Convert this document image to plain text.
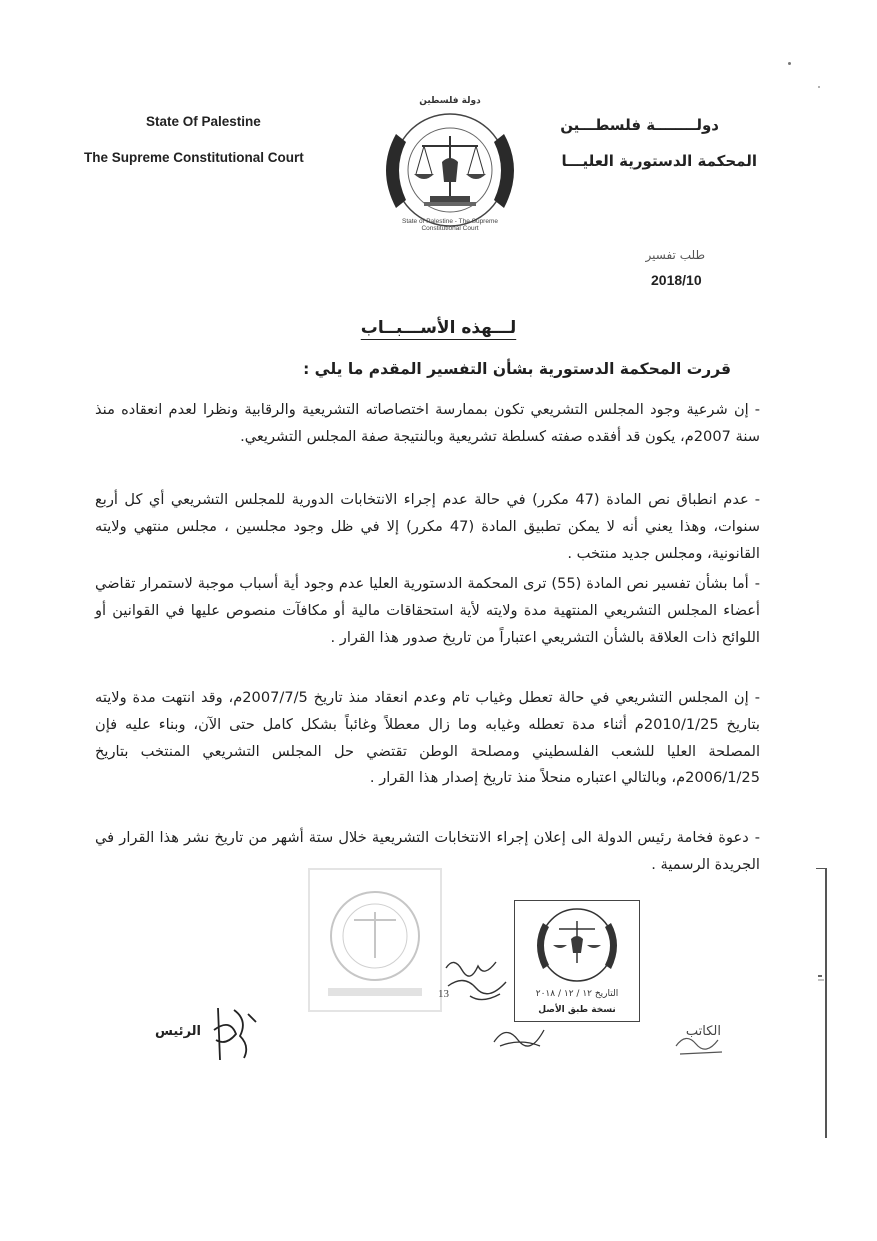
State Of Palestine
The Supreme Constitutional Court
دولــــــــة فلسطـــين
المحكمة الدستورية العليـــا
دولة فلسطين
State of Palestine - The Supreme Constitutional Court
طلب تفسير
2018/10
لـــهذه الأســـبــاب
قررت المحكمة الدستورية بشأن التفسير المقدم ما يلي :
-إن شرعية وجود المجلس التشريعي تكون بممارسة اختصاصاته التشريعية والرقابية ونظرا لعدم انعقاده منذ سنة 2007م، يكون قد أفقده صفته كسلطة تشريعية وبالنتيجة صفة المجلس التشريعي.
-عدم انطباق نص المادة (47 مكرر) في حالة عدم إجراء الانتخابات الدورية للمجلس التشريعي أي كل أربع سنوات، وهذا يعني أنه لا يمكن تطبيق المادة (47 مكرر) إلا في ظل وجود مجلسين ، مجلس منتهي ولايته القانونية، ومجلس جديد منتخب .
-أما بشأن تفسير نص المادة (55) ترى المحكمة الدستورية العليا عدم وجود أية أسباب موجبة لاستمرار تقاضي أعضاء المجلس التشريعي المنتهية مدة ولايته لأية استحقاقات مالية أو مكافآت منصوص عليها في القوانين أو اللوائح ذات العلاقة بالشأن التشريعي اعتباراً من تاريخ صدور هذا القرار .
-إن المجلس التشريعي في حالة تعطل وغياب تام وعدم انعقاد منذ تاريخ 2007/7/5م، وقد انتهت مدة ولايته بتاريخ 2010/1/25م أثناء مدة تعطله وغيابه وما زال معطلاً وغائباً بشكل كامل حتى الآن، وبناء عليه فإن المصلحة العليا للشعب الفلسطيني ومصلحة الوطن تقتضي حل المجلس التشريعي المنتخب بتاريخ 2006/1/25م، وبالتالي اعتباره منحلاً منذ تاريخ إصدار هذا القرار .
-دعوة فخامة رئيس الدولة الى إعلان إجراء الانتخابات التشريعية خلال ستة أشهر من تاريخ نشر هذا القرار في الجريدة الرسمية .
التاريخ ١٢ / ١٢ / ٢٠١٨
نسخة طبق الأصل
13
الرئيس	الكاتب
